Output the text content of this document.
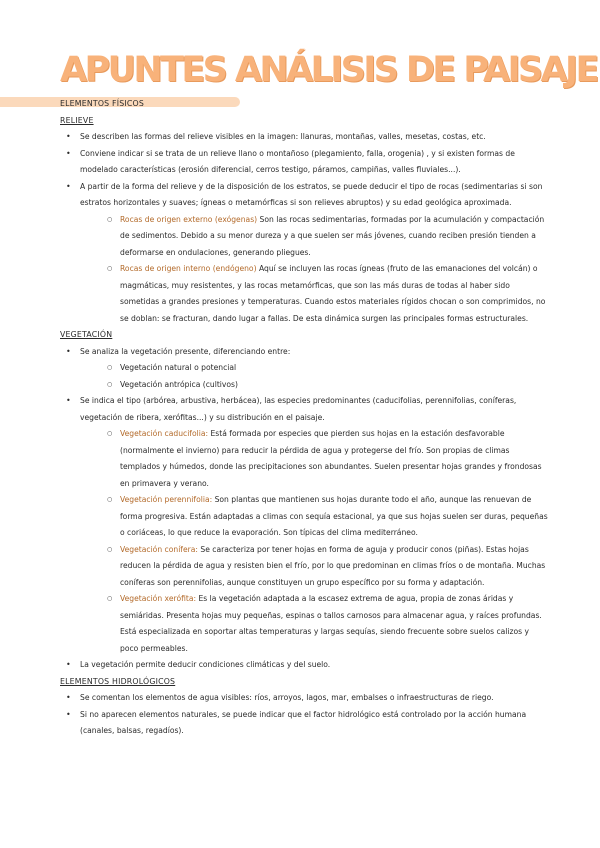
APUNTES ANÁLISIS DE PAISAJE
ELEMENTOS FÍSICOS
RELIEVE
• Se describen las formas del relieve visibles en la imagen: llanuras, montañas, valles, mesetas, costas, etc.
• Conviene indicar si se trata de un relieve llano o montañoso (plegamiento, falla, orogenia) , y si existen formas de modelado características (erosión diferencial, cerros testigo, páramos, campiñas, valles fluviales...).
• A partir de la forma del relieve y de la disposición de los estratos, se puede deducir el tipo de rocas (sedimentarias si son estratos horizontales y suaves; ígneas o metamórficas si son relieves abruptos) y su edad geológica aproximada.
○ Rocas de origen externo (exógenas) Son las rocas sedimentarias, formadas por la acumulación y compactación de sedimentos. Debido a su menor dureza y a que suelen ser más jóvenes, cuando reciben presión tienden a deformarse en ondulaciones, generando pliegues.
○ Rocas de origen interno (endógeno) Aquí se incluyen las rocas ígneas (fruto de las emanaciones del volcán) o magmáticas, muy resistentes, y las rocas metamórficas, que son las más duras de todas al haber sido sometidas a grandes presiones y temperaturas. Cuando estos materiales rígidos chocan o son comprimidos, no se doblan: se fracturan, dando lugar a fallas. De esta dinámica surgen las principales formas estructurales.
VEGETACIÓN
• Se analiza la vegetación presente, diferenciando entre:
○ Vegetación natural o potencial
○ Vegetación antrópica (cultivos)
• Se indica el tipo (arbórea, arbustiva, herbácea), las especies predominantes (caducifolias, perennifolias, coníferas, vegetación de ribera, xerófitas...) y su distribución en el paisaje.
○ Vegetación caducifolia: Está formada por especies que pierden sus hojas en la estación desfavorable (normalmente el invierno) para reducir la pérdida de agua y protegerse del frío. Son propias de climas templados y húmedos, donde las precipitaciones son abundantes. Suelen presentar hojas grandes y frondosas en primavera y verano.
○ Vegetación perennifolia: Son plantas que mantienen sus hojas durante todo el año, aunque las renuevan de forma progresiva. Están adaptadas a climas con sequía estacional, ya que sus hojas suelen ser duras, pequeñas o coriáceas, lo que reduce la evaporación. Son típicas del clima mediterráneo.
○ Vegetación conífera: Se caracteriza por tener hojas en forma de aguja y producir conos (piñas). Estas hojas reducen la pérdida de agua y resisten bien el frío, por lo que predominan en climas fríos o de montaña. Muchas coníferas son perennifolias, aunque constituyen un grupo específico por su forma y adaptación.
○ Vegetación xerófita: Es la vegetación adaptada a la escasez extrema de agua, propia de zonas áridas y semiáridas. Presenta hojas muy pequeñas, espinas o tallos carnosos para almacenar agua, y raíces profundas. Está especializada en soportar altas temperaturas y largas sequías, siendo frecuente sobre suelos calizos y poco permeables.
• La vegetación permite deducir condiciones climáticas y del suelo.
ELEMENTOS HIDROLÓGICOS
• Se comentan los elementos de agua visibles: ríos, arroyos, lagos, mar, embalses o infraestructuras de riego.
• Si no aparecen elementos naturales, se puede indicar que el factor hidrológico está controlado por la acción humana (canales, balsas, regadíos).
